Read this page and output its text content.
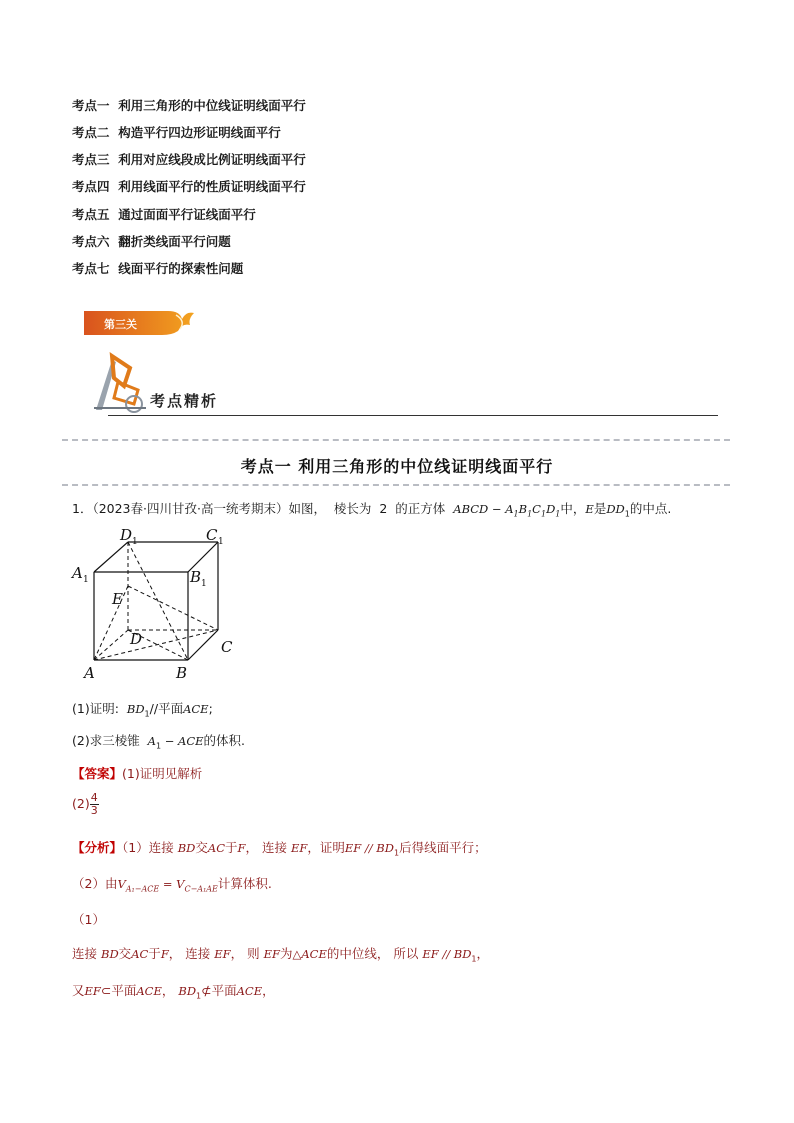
考点一 利用三角形的中位线证明线面平行
考点二 构造平行四边形证明线面平行
考点三 利用对应线段成比例证明线面平行
考点四 利用线面平行的性质证明线面平行
考点五 通过面面平行证线面平行
考点六 翻折类线面平行问题
考点七 线面平行的探索性问题
第三关
考点精析
考点一 利用三角形的中位线证明线面平行
1．（2023春·四川甘孜·高一统考期末）如图， 棱长为 2 的正方体 ABCD − $A_1B_1C_1D_1$中，E是$DD_1$的中点.
D 1	C 1
A 1	B 1
E
D	C
A	B
(1)证明: $BD_1//$平面ACE;
(2)求三棱锥 $A_1$ − ACE的体积.
【答案】(1)证明见解析
$(2) \frac{4}{3}$
【分析】（1）连接 BD交AC于F， 连接 EF，证明EF // $BD_1$后得线面平行；
（2）由$V_{A_1-ACE} = V_{C-A_1AE}$计算体积.
（1）
连接 BD交AC于F， 连接 EF， 则 EF为△ACE的中位线， 所以 EF // $BD_1$，
又EF⊂平面ACE， $BD_1⊄$平面ACE，
